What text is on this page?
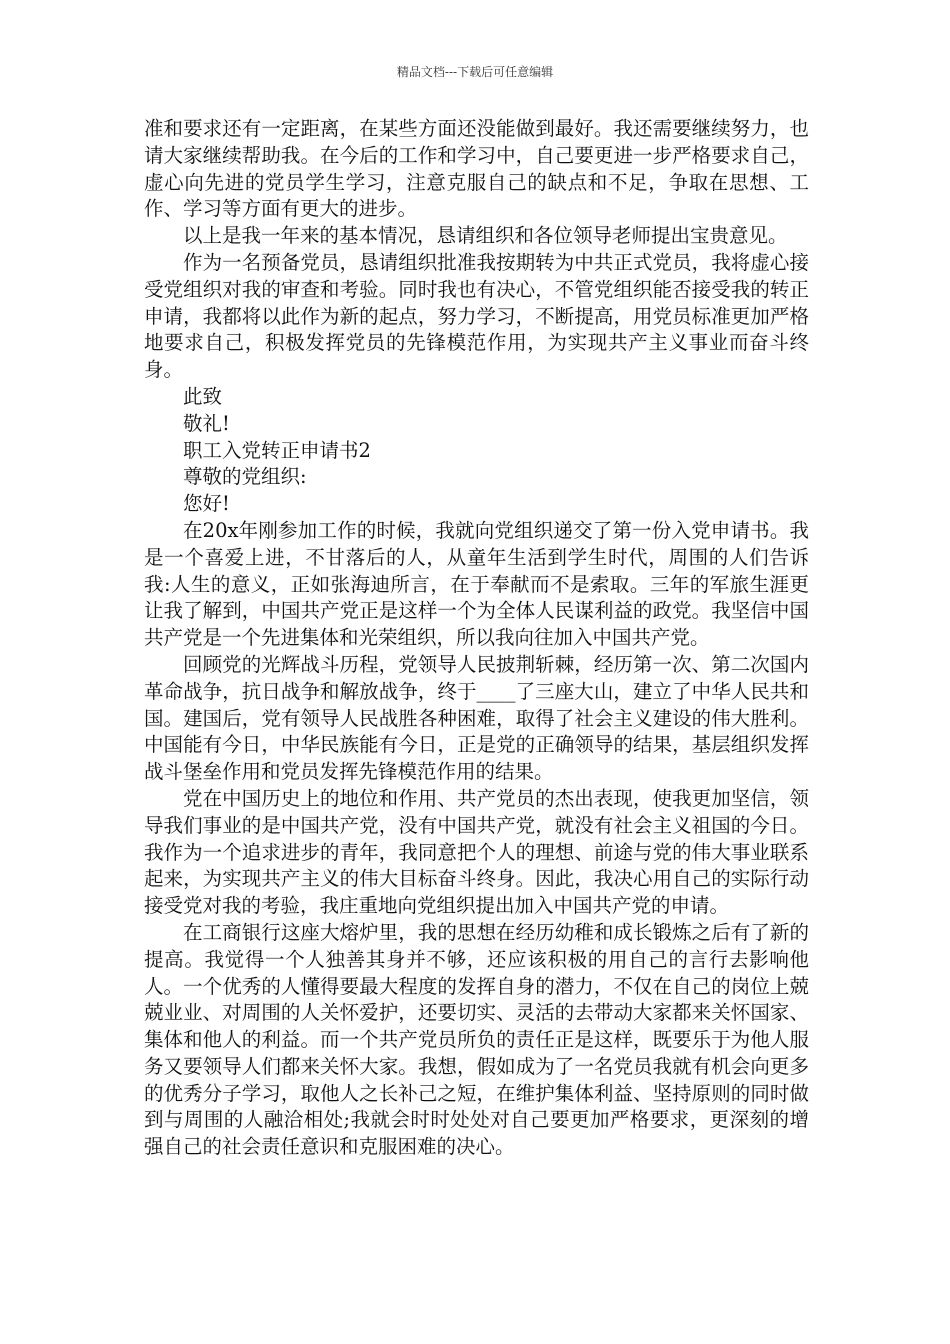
精品文档---下载后可任意编辑

准和要求还有一定距离，在某些方面还没能做到最好。我还需要继续努力，也请大家继续帮助我。在今后的工作和学习中，自己要更进一步严格要求自己，虚心向先进的党员学生学习，注意克服自己的缺点和不足，争取在思想、工作、学习等方面有更大的进步。

以上是我一年来的基本情况，恳请组织和各位领导老师提出宝贵意见。

作为一名预备党员，恳请组织批准我按期转为中共正式党员，我将虚心接受党组织对我的审查和考验。同时我也有决心，不管党组织能否接受我的转正申请，我都将以此作为新的起点，努力学习，不断提高，用党员标准更加严格地要求自己，积极发挥党员的先锋模范作用，为实现共产主义事业而奋斗终身。

此致

敬礼!

职工入党转正申请书2

尊敬的党组织:

您好!

在20x年刚参加工作的时候，我就向党组织递交了第一份入党申请书。我是一个喜爱上进，不甘落后的人，从童年生活到学生时代，周围的人们告诉我:人生的意义，正如张海迪所言，在于奉献而不是索取。三年的军旅生涯更让我了解到，中国共产党正是这样一个为全体人民谋利益的政党。我坚信中国共产党是一个先进集体和光荣组织，所以我向往加入中国共产党。

回顾党的光辉战斗历程，党领导人民披荆斩棘，经历第一次、第二次国内革命战争，抗日战争和解放战争，终于____了三座大山，建立了中华人民共和国。建国后，党有领导人民战胜各种困难，取得了社会主义建设的伟大胜利。中国能有今日，中华民族能有今日，正是党的正确领导的结果，基层组织发挥战斗堡垒作用和党员发挥先锋模范作用的结果。

党在中国历史上的地位和作用、共产党员的杰出表现，使我更加坚信，领导我们事业的是中国共产党，没有中国共产党，就没有社会主义祖国的今日。我作为一个追求进步的青年，我同意把个人的理想、前途与党的伟大事业联系起来，为实现共产主义的伟大目标奋斗终身。因此，我决心用自己的实际行动接受党对我的考验，我庄重地向党组织提出加入中国共产党的申请。

在工商银行这座大熔炉里，我的思想在经历幼稚和成长锻炼之后有了新的提高。我觉得一个人独善其身并不够，还应该积极的用自己的言行去影响他人。一个优秀的人懂得要最大程度的发挥自身的潜力，不仅在自己的岗位上兢兢业业、对周围的人关怀爱护，还要切实、灵活的去带动大家都来关怀国家、集体和他人的利益。而一个共产党员所负的责任正是这样，既要乐于为他人服务又要领导人们都来关怀大家。我想，假如成为了一名党员我就有机会向更多的优秀分子学习，取他人之长补己之短，在维护集体利益、坚持原则的同时做到与周围的人融洽相处;我就会时时处处对自己要更加严格要求，更深刻的增强自己的社会责任意识和克服困难的决心。
